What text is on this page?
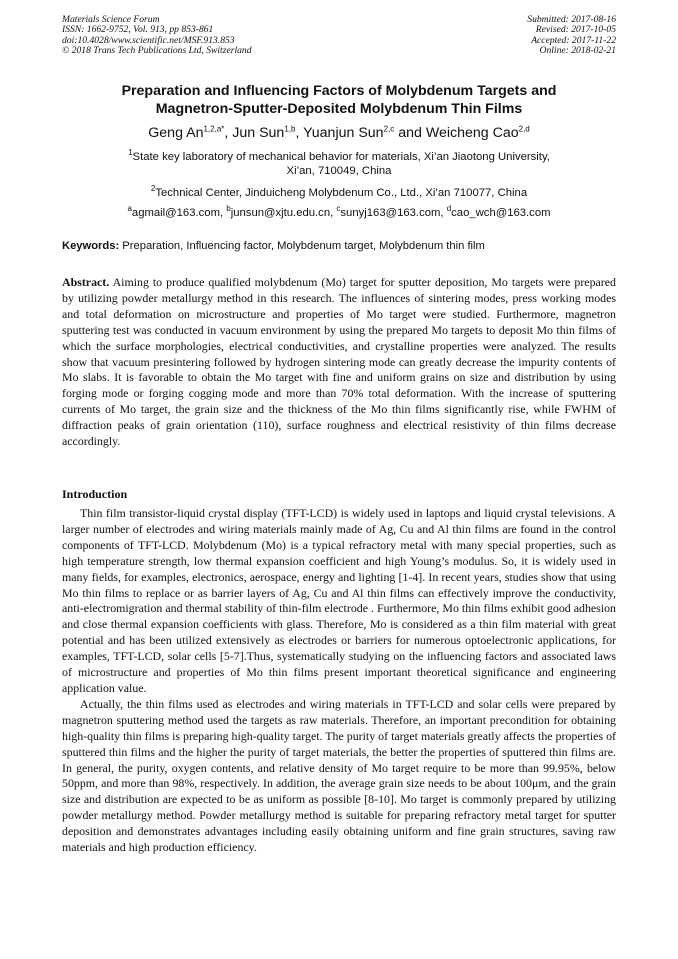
Materials Science Forum
ISSN: 1662-9752, Vol. 913, pp 853-861
doi:10.4028/www.scientific.net/MSF.913.853
© 2018 Trans Tech Publications Ltd, Switzerland
Submitted: 2017-08-16
Revised: 2017-10-05
Accepted: 2017-11-22
Online: 2018-02-21
Preparation and Influencing Factors of Molybdenum Targets and
Magnetron-Sputter-Deposited Molybdenum Thin Films
Geng $An^{1,2,a*}$, Jun Sun$^{1,b}$, Yuanjun Sun$^{2,c}$ and Weicheng Cao$^{2,d}$
$^1$State key laboratory of mechanical behavior for materials, Xi’an Jiaotong University,
Xi’an, 710049, China
$^2$Technical Center, Jinduicheng Molybdenum Co., Ltd., Xi’an 710077, China
$^a$agmail@163.com, $^b$junsun@xjtu.edu.cn, $^c$sunyj163@163.com, $^d$cao_wch@163.com
Keywords: Preparation, Influencing factor, Molybdenum target, Molybdenum thin film

Abstract. Aiming to produce qualified molybdenum (Mo) target for sputter deposition, Mo targets were prepared by utilizing powder metallurgy method in this research. The influences of sintering modes, press working modes and total deformation on microstructure and properties of Mo target were studied. Furthermore, magnetron sputtering test was conducted in vacuum environment by using the prepared Mo targets to deposit Mo thin films of which the surface morphologies, electrical conductivities, and crystalline properties were analyzed. The results show that vacuum presintering followed by hydrogen sintering mode can greatly decrease the impurity contents of Mo slabs. It is favorable to obtain the Mo target with fine and uniform grains on size and distribution by using forging mode or forging cogging mode and more than 70% total deformation. With the increase of sputtering currents of Mo target, the grain size and the thickness of the Mo thin films significantly rise, while FWHM of diffraction peaks of grain orientation (110), surface roughness and electrical resistivity of thin films decrease accordingly.

Introduction

Thin film transistor-liquid crystal display (TFT-LCD) is widely used in laptops and liquid crystal televisions. A larger number of electrodes and wiring materials mainly made of Ag, Cu and Al thin films are found in the control components of TFT-LCD. Molybdenum (Mo) is a typical refractory metal with many special properties, such as high temperature strength, low thermal expansion coefficient and high Young’s modulus. So, it is widely used in many fields, for examples, electronics, aerospace, energy and lighting [1-4]. In recent years, studies show that using Mo thin films to replace or as barrier layers of Ag, Cu and Al thin films can effectively improve the conductivity, anti-electromigration and thermal stability of thin-film electrode . Furthermore, Mo thin films exhibit good adhesion and close thermal expansion coefficients with glass. Therefore, Mo is considered as a thin film material with great potential and has been utilized extensively as electrodes or barriers for numerous optoelectronic applications, for examples, TFT-LCD, solar cells [5-7].Thus, systematically studying on the influencing factors and associated laws of microstructure and properties of Mo thin films present important theoretical significance and engineering application value.

Actually, the thin films used as electrodes and wiring materials in TFT-LCD and solar cells were prepared by magnetron sputtering method used the targets as raw materials. Therefore, an important precondition for obtaining high-quality thin films is preparing high-quality target. The purity of target materials greatly affects the properties of sputtered thin films and the higher the purity of target materials, the better the properties of sputtered thin films are. In general, the purity, oxygen contents, and relative density of Mo target require to be more than 99.95%, below 50ppm, and more than 98%, respectively. In addition, the average grain size needs to be about 100μm, and the grain size and distribution are expected to be as uniform as possible [8-10]. Mo target is commonly prepared by utilizing powder metallurgy method. Powder metallurgy method is suitable for preparing refractory metal target for sputter deposition and demonstrates advantages including easily obtaining uniform and fine grain structures, saving raw materials and high production efficiency.
